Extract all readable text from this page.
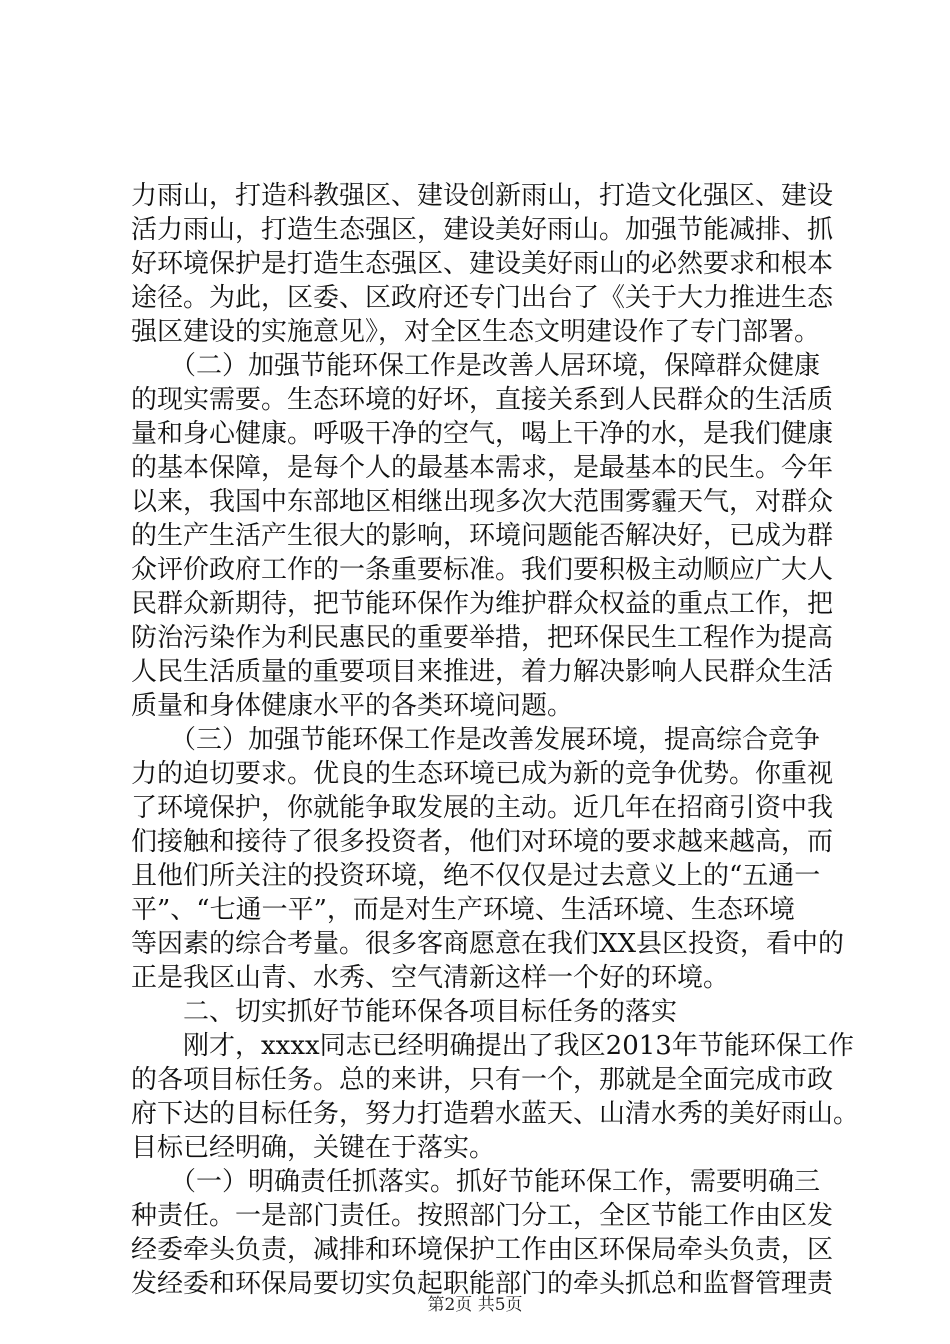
力雨山，打造科教强区、建设创新雨山，打造文化强区、建设

活力雨山，打造生态强区，建设美好雨山。加强节能减排、抓

好环境保护是打造生态强区、建设美好雨山的必然要求和根本

途径。为此，区委、区政府还专门出台了《关于大力推进生态

强区建设的实施意见》，对全区生态文明建设作了专门部署。

　　（二）加强节能环保工作是改善人居环境，保障群众健康

的现实需要。生态环境的好坏，直接关系到人民群众的生活质

量和身心健康。呼吸干净的空气，喝上干净的水，是我们健康

的基本保障，是每个人的最基本需求，是最基本的民生。今年

以来，我国中东部地区相继出现多次大范围雾霾天气，对群众

的生产生活产生很大的影响，环境问题能否解决好，已成为群

众评价政府工作的一条重要标准。我们要积极主动顺应广大人

民群众新期待，把节能环保作为维护群众权益的重点工作，把

防治污染作为利民惠民的重要举措，把环保民生工程作为提高

人民生活质量的重要项目来推进，着力解决影响人民群众生活

质量和身体健康水平的各类环境问题。

　　（三）加强节能环保工作是改善发展环境，提高综合竞争

力的迫切要求。优良的生态环境已成为新的竞争优势。你重视

了环境保护，你就能争取发展的主动。近几年在招商引资中我

们接触和接待了很多投资者，他们对环境的要求越来越高，而

且他们所关注的投资环境，绝不仅仅是过去意义上的“五通一

平”、“七通一平”，而是对生产环境、生活环境、生态环境

等因素的综合考量。很多客商愿意在我们XX县区投资，看中的

正是我区山青、水秀、空气清新这样一个好的环境。

　　二、切实抓好节能环保各项目标任务的落实

　　刚才，xxxx同志已经明确提出了我区2013年节能环保工作

的各项目标任务。总的来讲，只有一个，那就是全面完成市政

府下达的目标任务，努力打造碧水蓝天、山清水秀的美好雨山。

目标已经明确，关键在于落实。

　　（一）明确责任抓落实。抓好节能环保工作，需要明确三

种责任。一是部门责任。按照部门分工，全区节能工作由区发

经委牵头负责，减排和环境保护工作由区环保局牵头负责，区

发经委和环保局要切实负起职能部门的牵头抓总和监督管理责

第2页 共5页
